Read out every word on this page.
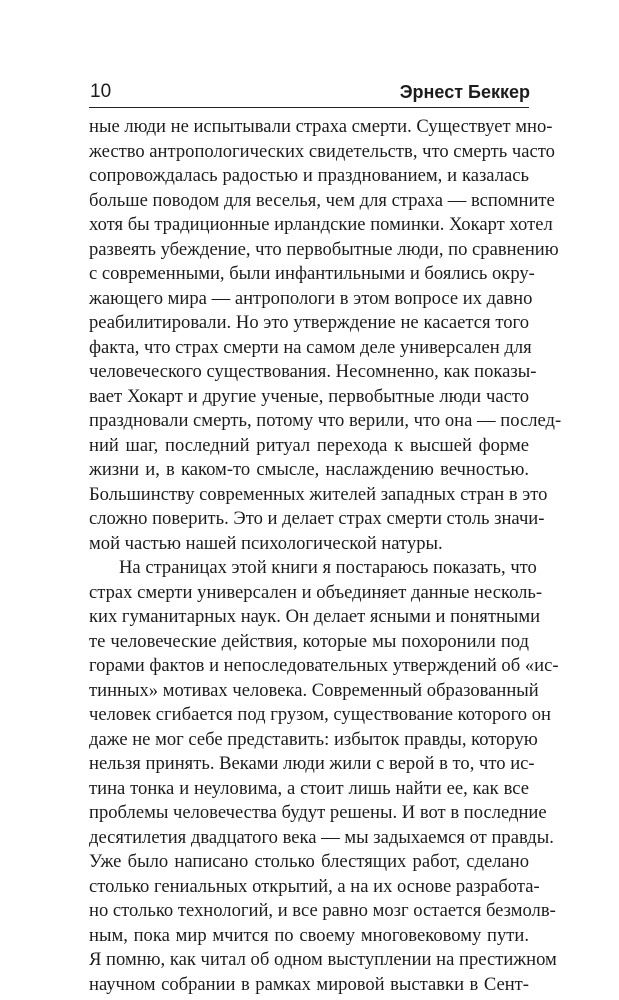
10	Эрнест Беккер
ные люди не испытывали страха смерти. Существует мно-
жество антропологических свидетельств, что смерть часто
сопровождалась радостью и празднованием, и казалась
больше поводом для веселья, чем для страха — вспомните
хотя бы традиционные ирландские поминки. Хокарт хотел
развеять убеждение, что первобытные люди, по сравнению
с современными, были инфантильными и боялись окру-
жающего мира — антропологи в этом вопросе их давно
реабилитировали. Но это утверждение не касается того
факта, что страх смерти на самом деле универсален для
человеческого существования. Несомненно, как показы-
вает Хокарт и другие ученые, первобытные люди часто
праздновали смерть, потому что верили, что она — послед-
ний шаг, последний ритуал перехода к высшей форме
жизни и, в каком-то смысле, наслаждению вечностью.
Большинству современных жителей западных стран в это
сложно поверить. Это и делает страх смерти столь значи-
мой частью нашей психологической натуры.
На страницах этой книги я постараюсь показать, что
страх смерти универсален и объединяет данные несколь-
ких гуманитарных наук. Он делает ясными и понятными
те человеческие действия, которые мы похоронили под
горами фактов и непоследовательных утверждений об «ис-
тинных» мотивах человека. Современный образованный
человек сгибается под грузом, существование которого он
даже не мог себе представить: избыток правды, которую
нельзя принять. Веками люди жили с верой в то, что ис-
тина тонка и неуловима, а стоит лишь найти ее, как все
проблемы человечества будут решены. И вот в последние
десятилетия двадцатого века — мы задыхаемся от правды.
Уже было написано столько блестящих работ, сделано
столько гениальных открытий, а на их основе разработа-
но столько технологий, и все равно мозг остается безмолв-
ным, пока мир мчится по своему многовековому пути.
Я помню, как читал об одном выступлении на престижном
научном собрании в рамках мировой выставки в Сент-
